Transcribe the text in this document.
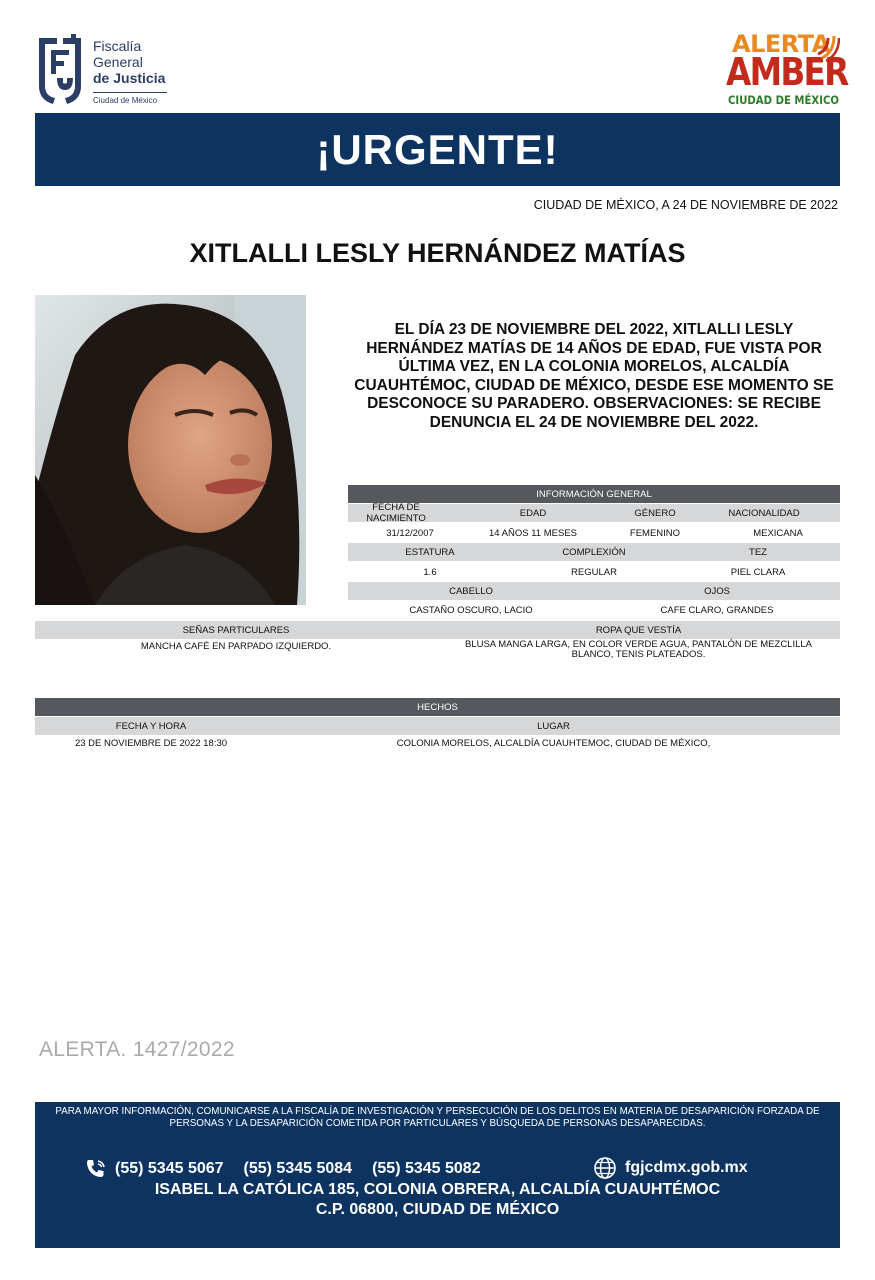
Fiscalía
General
de Justicia
Ciudad de México
ALERTA
AMBER
CIUDAD DE MÉXICO
¡URGENTE!
CIUDAD DE MÉXICO, A 24 DE NOVIEMBRE DE 2022
XITLALLI LESLY HERNÁNDEZ MATÍAS
EL DÍA 23 DE NOVIEMBRE DEL 2022, XITLALLI LESLY HERNÁNDEZ MATÍAS DE 14 AÑOS DE EDAD, FUE VISTA POR ÚLTIMA VEZ, EN LA COLONIA MORELOS, ALCALDÍA CUAUHTÉMOC, CIUDAD DE MÉXICO, DESDE ESE MOMENTO SE DESCONOCE SU PARADERO. OBSERVACIONES: SE RECIBE DENUNCIA EL 24 DE NOVIEMBRE DEL 2022.
INFORMACIÓN GENERAL
FECHA DE NACIMIENTO	EDAD	GÉNERO	NACIONALIDAD
31/12/2007	14 AÑOS 11 MESES	FEMENINO	MEXICANA
ESTATURA	COMPLEXIÓN	TEZ
1.6	REGULAR	PIEL CLARA
CABELLO	OJOS
CASTAÑO OSCURO, LACIO	CAFE CLARO, GRANDES
SEÑAS PARTICULARES	ROPA QUE VESTÍA
MANCHA CAFÉ EN PARPADO IZQUIERDO.	BLUSA MANGA LARGA, EN COLOR VERDE AGUA, PANTALÓN DE MEZCLILLA BLANCO, TENIS PLATEADOS.
HECHOS
FECHA Y HORA	LUGAR
23 DE NOVIEMBRE DE 2022 18:30	COLONIA MORELOS, ALCALDÍA CUAUHTEMOC, CIUDAD DE MÉXICO,
ALERTA. 1427/2022
PARA MAYOR INFORMACIÓN, COMUNICARSE A LA FISCALÍA DE INVESTIGACIÓN Y PERSECUCIÓN DE LOS DELITOS EN MATERIA DE DESAPARICIÓN FORZADA DE PERSONAS Y LA DESAPARICIÓN COMETIDA POR PARTICULARES Y BÚSQUEDA DE PERSONAS DESAPARECIDAS.
(55) 5345 5067 (55) 5345 5084 (55) 5345 5082	fgjcdmx.gob.mx
ISABEL LA CATÓLICA 185, COLONIA OBRERA, ALCALDÍA CUAUHTÉMOC
C.P. 06800, CIUDAD DE MÉXICO
